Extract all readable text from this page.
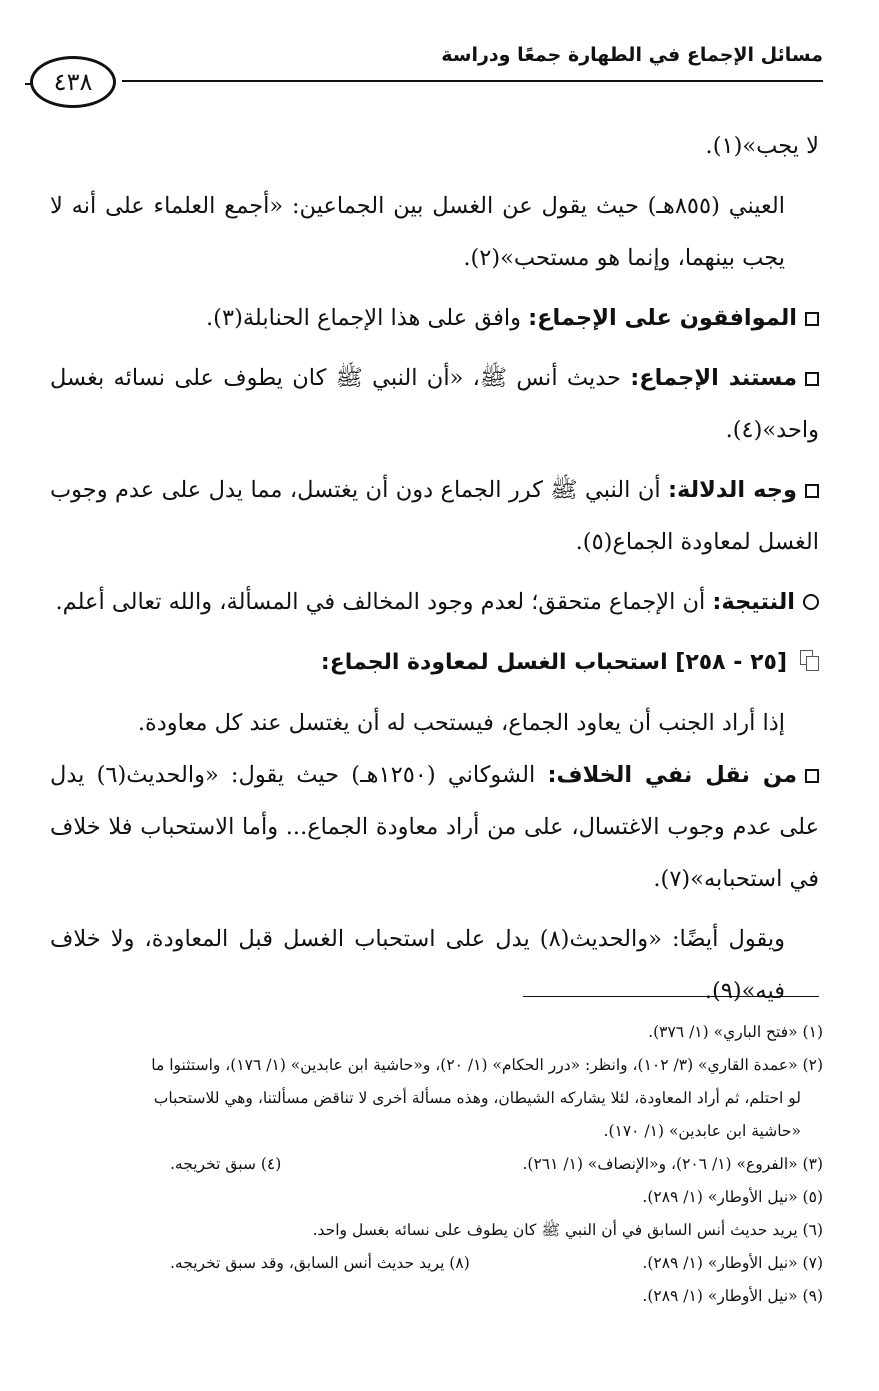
مسائل الإجماع في الطهارة جمعًا ودراسة
٤٣٨

لا يجب»(١).

العيني (٨٥٥هـ) حيث يقول عن الغسل بين الجماعين: «أجمع العلماء على أنه لا يجب بينهما، وإنما هو مستحب»(٢).

الموافقون على الإجماع: وافق على هذا الإجماع الحنابلة(٣).

مستند الإجماع: حديث أنس ﷺ، «أن النبي ﷺ كان يطوف على نسائه بغسل واحد»(٤).

وجه الدلالة: أن النبي ﷺ كرر الجماع دون أن يغتسل، مما يدل على عدم وجوب الغسل لمعاودة الجماع(٥).

النتيجة: أن الإجماع متحقق؛ لعدم وجود المخالف في المسألة، والله تعالى أعلم.

[٢٥ - ٢٥٨] استحباب الغسل لمعاودة الجماع:

إذا أراد الجنب أن يعاود الجماع، فيستحب له أن يغتسل عند كل معاودة.

من نقل نفي الخلاف: الشوكاني (١٢٥٠هـ) حيث يقول: «والحديث(٦) يدل على عدم وجوب الاغتسال، على من أراد معاودة الجماع... وأما الاستحباب فلا خلاف في استحبابه»(٧).

ويقول أيضًا: «والحديث(٨) يدل على استحباب الغسل قبل المعاودة، ولا خلاف فيه»(٩).

(١) «فتح الباري» (١/ ٣٧٦).

(٢) «عمدة القاري» (٣/ ١٠٢)، وانظر: «درر الحكام» (١/ ٢٠)، و«حاشية ابن عابدين» (١/ ١٧٦)، واستثنوا ما

لو احتلم، ثم أراد المعاودة، لئلا يشاركه الشيطان، وهذه مسألة أخرى لا تناقض مسألتنا، وهي للاستحباب

«حاشية ابن عابدين» (١/ ١٧٠).

(٣) «الفروع» (١/ ٢٠٦)، و«الإنصاف» (١/ ٢٦١).

(٤) سبق تخريجه.

(٥) «نيل الأوطار» (١/ ٢٨٩).

(٦) يريد حديث أنس السابق في أن النبي ﷺ كان يطوف على نسائه بغسل واحد.

(٧) «نيل الأوطار» (١/ ٢٨٩).

(٨) يريد حديث أنس السابق، وقد سبق تخريجه.

(٩) «نيل الأوطار» (١/ ٢٨٩).
